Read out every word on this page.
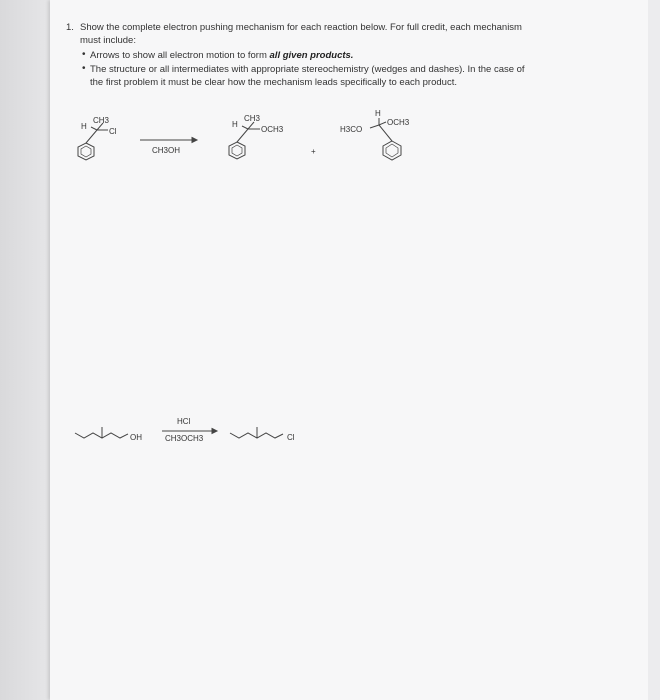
1. Show the complete electron pushing mechanism for each reaction below. For full credit, each mechanism
must include:
• Arrows to show all electron motion to form all given products.
• The structure or all intermediates with appropriate stereochemistry (wedges and dashes). In the case of
the first problem it must be clear how the mechanism leads specifically to each product.
H
CH3
Cl
CH3OH
H
CH3
OCH3
+
H
H3CO
OCH3
OH
HCl
CH3OCH3	Cl
